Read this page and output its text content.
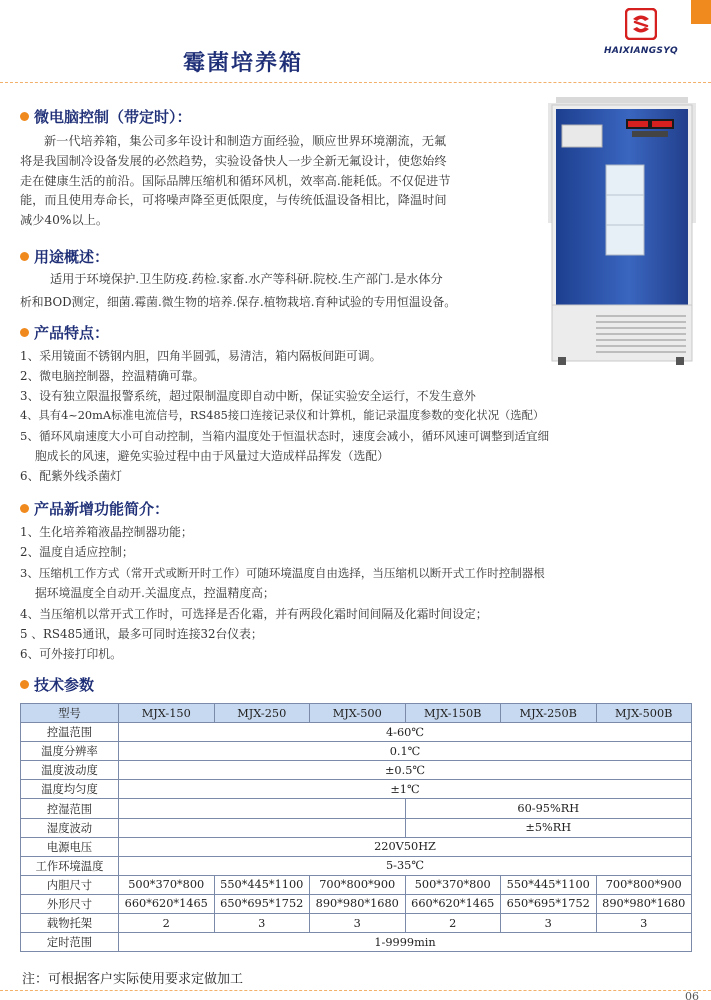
HAIXIANGSYQ
霉菌培养箱
微电脑控制（带定时）：
新一代培养箱，集公司多年设计和制造方面经验，顺应世界环境潮流，无氟
将是我国制冷设备发展的必然趋势，实验设备快人一步全新无氟设计，使您始终
走在健康生活的前沿。国际品牌压缩机和循环风机，效率高.能耗低。不仅促进节
能，而且使用寿命长，可将噪声降至更低限度，与传统低温设备相比，降温时间
减少40%以上。
用途概述：
适用于环境保护.卫生防疫.药检.家畜.水产等科研.院校.生产部门.是水体分
析和BOD测定，细菌.霉菌.微生物的培养.保存.植物栽培.育种试验的专用恒温设备。
产品特点：
1、采用镜面不锈钢内胆，四角半圆弧，易清洁，箱内隔板间距可调。
2、微电脑控制器，控温精确可靠。
3、设有独立限温报警系统，超过限制温度即自动中断，保证实验安全运行，不发生意外
4、具有4~20mA标准电流信号，RS485接口连接记录仪和计算机，能记录温度参数的变化状况（选配）
5、循环风扇速度大小可自动控制，当箱内温度处于恒温状态时，速度会减小，循环风速可调整到适宜细
胞成长的风速，避免实验过程中由于风量过大造成样品挥发（选配）
6、配紫外线杀菌灯
产品新增功能简介：
1、生化培养箱液晶控制器功能；
2、温度自适应控制；
3、压缩机工作方式（常开式或断开时工作）可随环境温度自由选择，当压缩机以断开式工作时控制器根
据环境温度全自动开.关温度点，控温精度高；
4、当压缩机以常开式工作时，可选择是否化霜，并有两段化霜时间间隔及化霜时间设定；
5 、RS485通讯，最多可同时连接32台仪表；
6、可外接打印机。
技术参数
型号	MJX-150	MJX-250	MJX-500	MJX-150B	MJX-250B	MJX-500B
控温范围	4-60℃					
温度分辨率	0.1℃					
温度波动度	±0.5℃					
温度均匀度	±1℃					
控湿范围				60-95%RH		
湿度波动				±5%RH		
电源电压	220V50HZ					
工作环境温度	5-35℃					
内胆尺寸	500*370*800	550*445*1100	700*800*900	500*370*800	550*445*1100	700*800*900
外形尺寸	660*620*1465	650*695*1752	890*980*1680	660*620*1465	650*695*1752	890*980*1680
载物托架	2	3	3	2	3	3
定时范围	1-9999min					
注：可根据客户实际使用要求定做加工
06
